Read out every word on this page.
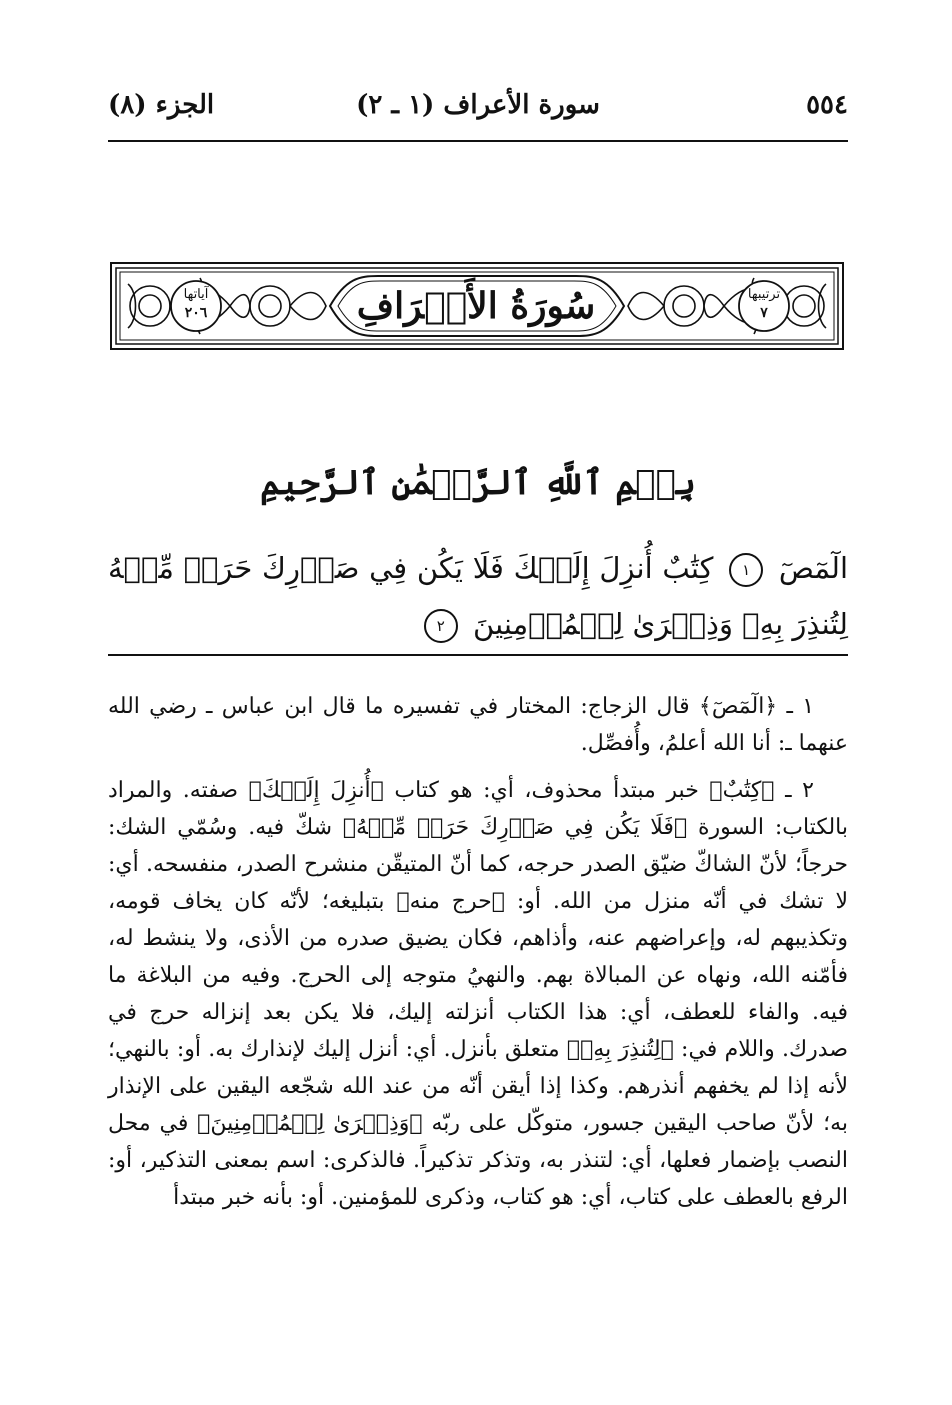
٥٥٤
سورة الأعراف (١ ـ ٢)
الجزء (٨)
سُورَةُ الأَعۡرَافِ	ترتيبها
٧
آياتها
٢٠٦
بِسۡمِ ٱللَّهِ ٱلرَّحۡمَٰنِ ٱلرَّحِيمِ
الٓمٓصٓ ١ كِتَٰبٌ أُنزِلَ إِلَيۡكَ فَلَا يَكُن فِي صَدۡرِكَ حَرَجٞ مِّنۡهُ لِتُنذِرَ بِهِۦ وَذِكۡرَىٰ لِلۡمُؤۡمِنِينَ ٢

١ ـ ﴿الٓمٓصٓ﴾ قال الزجاج: المختار في تفسيره ما قال ابن عباس ـ رضي الله عنهما ـ: أنا الله أعلمُ، وأُفصِّل.

٢ ـ ﴿كِتَٰبٌ﴾ خبر مبتدأ محذوف، أي: هو كتاب ﴿أُنزِلَ إِلَيۡكَ﴾ صفته. والمراد بالكتاب: السورة ﴿فَلَا يَكُن فِي صَدۡرِكَ حَرَجٞ مِّنۡهُ﴾ شكّ فيه. وسُمّي الشك: حرجاً؛ لأنّ الشاكّ ضيّق الصدر حرجه، كما أنّ المتيقّن منشرح الصدر، منفسحه. أي: لا تشك في أنّه منزل من الله. أو: ﴿حرج منه﴾ بتبليغه؛ لأنّه كان يخاف قومه، وتكذيبهم له، وإعراضهم عنه، وأذاهم، فكان يضيق صدره من الأذى، ولا ينشط له، فأمّنه الله، ونهاه عن المبالاة بهم. والنهيُ متوجه إلى الحرج. وفيه من البلاغة ما فيه. والفاء للعطف، أي: هذا الكتاب أنزلته إليك، فلا يكن بعد إنزاله حرج في صدرك. واللام في: ﴿لِتُنذِرَ بِهِۦ﴾ متعلق بأنزل. أي: أنزل إليك لإنذارك به. أو: بالنهي؛ لأنه إذا لم يخفهم أنذرهم. وكذا إذا أيقن أنّه من عند الله شجّعه اليقين على الإنذار به؛ لأنّ صاحب اليقين جسور، متوكّل على ربّه ﴿وَذِكۡرَىٰ لِلۡمُؤۡمِنِينَ﴾ في محل النصب بإضمار فعلها، أي: لتنذر به، وتذكر تذكيراً. فالذكرى: اسم بمعنى التذكير، أو: الرفع بالعطف على كتاب، أي: هو كتاب، وذكرى للمؤمنين. أو: بأنه خبر مبتدأ
